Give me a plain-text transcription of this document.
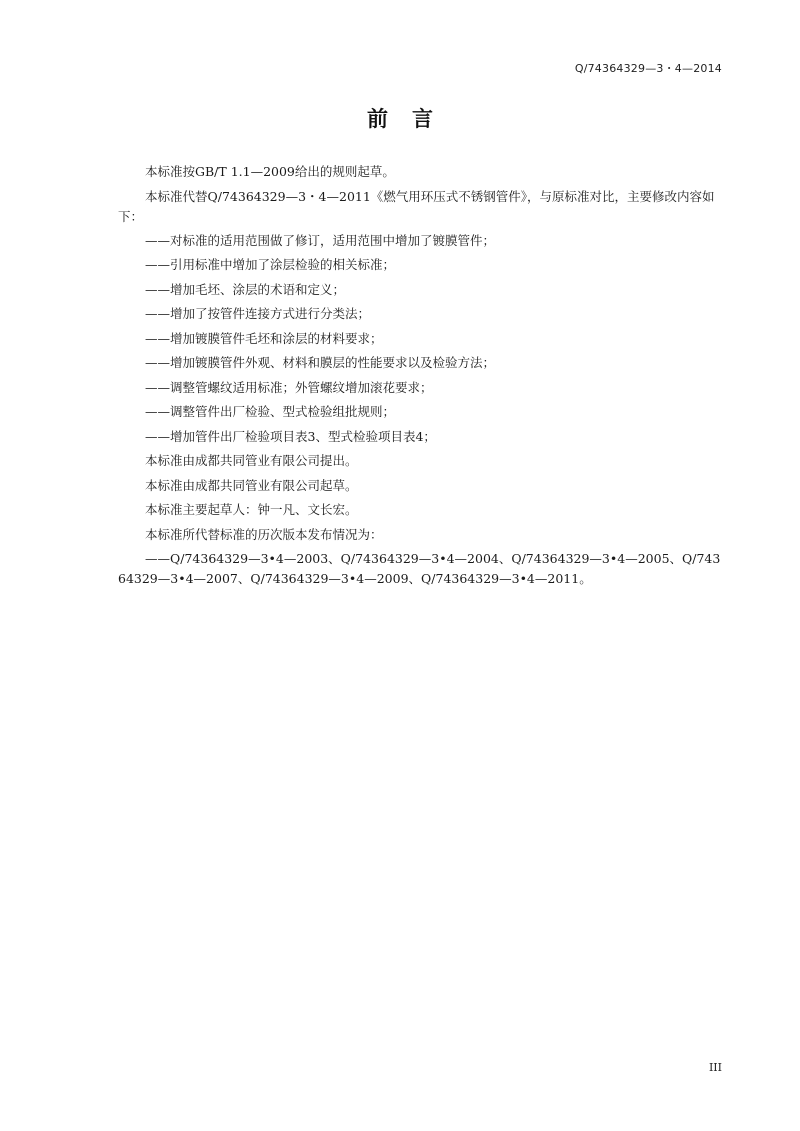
Q/74364329—3・4—2014
前言

本标准按GB/T 1.1—2009给出的规则起草。

本标准代替Q/74364329—3・4—2011《燃气用环压式不锈钢管件》，与原标准对比，主要修改内容如下：

——对标准的适用范围做了修订，适用范围中增加了镀膜管件；

——引用标准中增加了涂层检验的相关标准；

——增加毛坯、涂层的术语和定义；

——增加了按管件连接方式进行分类法；

——增加镀膜管件毛坯和涂层的材料要求；

——增加镀膜管件外观、材料和膜层的性能要求以及检验方法；

——调整管螺纹适用标准；外管螺纹增加滚花要求；

——调整管件出厂检验、型式检验组批规则；

——增加管件出厂检验项目表3、型式检验项目表4；

本标准由成都共同管业有限公司提出。

本标准由成都共同管业有限公司起草。

本标准主要起草人：钟一凡、文长宏。

本标准所代替标准的历次版本发布情况为：

——Q/74364329—3•4—2003、Q/74364329—3•4—2004、Q/74364329—3•4—2005、Q/74364329—3•4—2007、Q/74364329—3•4—2009、Q/74364329—3•4—2011。

III
